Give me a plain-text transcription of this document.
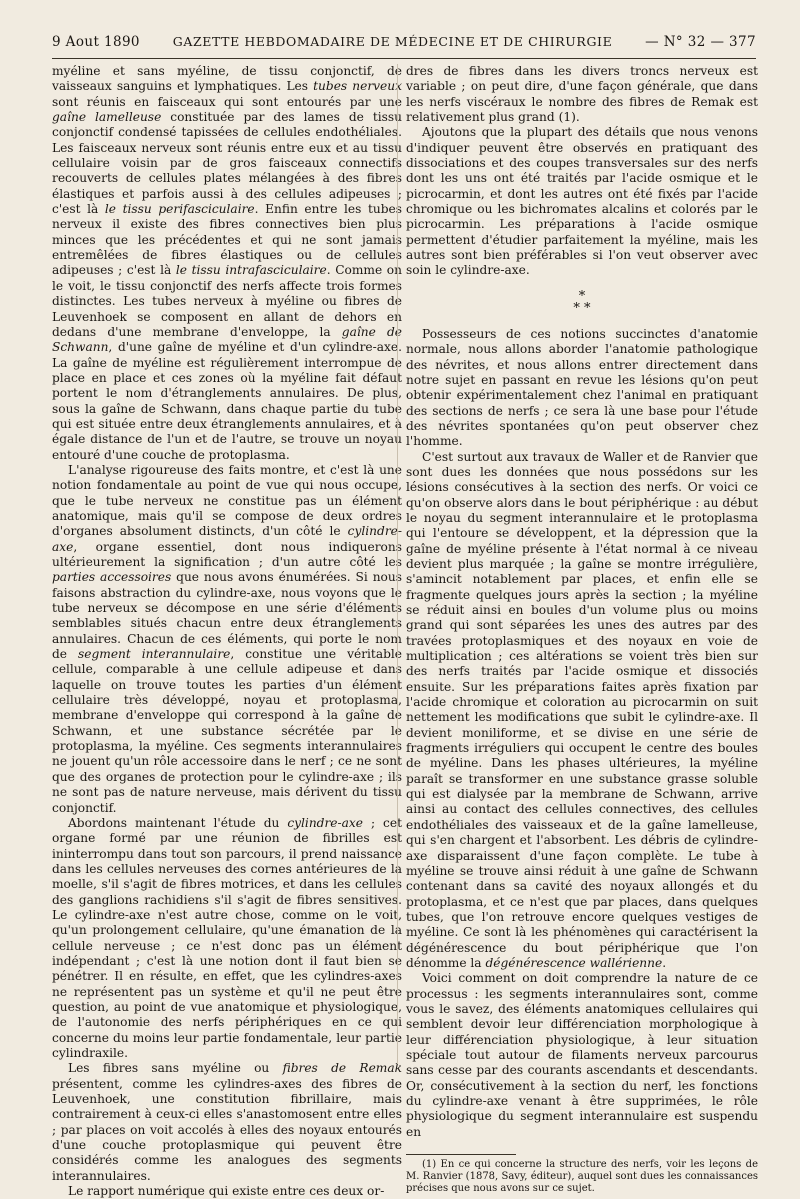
9 Aout 1890	GAZETTE HEBDOMADAIRE DE MÉDECINE ET DE CHIRURGIE — N° 32 — 377

myéline et sans myéline, de tissu conjonctif, de vaisseaux sanguins et lymphatiques. Les tubes nerveux sont réunis en faisceaux qui sont entourés par une gaîne lamelleuse constituée par des lames de tissu conjonctif condensé tapissées de cellules endothéliales. Les faisceaux nerveux sont réunis entre eux et au tissu cellulaire voisin par de gros faisceaux connectifs recouverts de cellules plates mélangées à des fibres élastiques et parfois aussi à des cellules adipeuses ; c'est là le tissu perifasciculaire. Enfin entre les tubes nerveux il existe des fibres connectives bien plus minces que les précédentes et qui ne sont jamais entremêlées de fibres élastiques ou de cellules adipeuses ; c'est là le tissu intrafasciculaire. Comme on le voit, le tissu conjonctif des nerfs affecte trois formes distinctes. Les tubes nerveux à myéline ou fibres de Leuvenhoek se composent en allant de dehors en dedans d'une membrane d'enveloppe, la gaîne de Schwann, d'une gaîne de myéline et d'un cylindre-axe. La gaîne de myéline est régulièrement interrompue de place en place et ces zones où la myéline fait défaut portent le nom d'étranglements annulaires. De plus, sous la gaîne de Schwann, dans chaque partie du tube qui est située entre deux étranglements annulaires, et à égale distance de l'un et de l'autre, se trouve un noyau entouré d'une couche de protoplasma.

L'analyse rigoureuse des faits montre, et c'est là une notion fondamentale au point de vue qui nous occupe, que le tube nerveux ne constitue pas un élément anatomique, mais qu'il se compose de deux ordres d'organes absolument distincts, d'un côté le cylindre-axe, organe essentiel, dont nous indiquerons ultérieurement la signification ; d'un autre côté les parties accessoires que nous avons énumérées. Si nous faisons abstraction du cylindre-axe, nous voyons que le tube nerveux se décompose en une série d'éléments semblables situés chacun entre deux étranglements annulaires. Chacun de ces éléments, qui porte le nom de segment interannulaire, constitue une véritable cellule, comparable à une cellule adipeuse et dans laquelle on trouve toutes les parties d'un élément cellulaire très développé, noyau et protoplasma, membrane d'enveloppe qui correspond à la gaîne de Schwann, et une substance sécrétée par le protoplasma, la myéline. Ces segments interannulaires ne jouent qu'un rôle accessoire dans le nerf ; ce ne sont que des organes de protection pour le cylindre-axe ; ils ne sont pas de nature nerveuse, mais dérivent du tissu conjonctif.

Abordons maintenant l'étude du cylindre-axe ; cet organe formé par une réunion de fibrilles est ininterrompu dans tout son parcours, il prend naissance dans les cellules nerveuses des cornes antérieures de la moelle, s'il s'agit de fibres motrices, et dans les cellules des ganglions rachidiens s'il s'agit de fibres sensitives. Le cylindre-axe n'est autre chose, comme on le voit, qu'un prolongement cellulaire, qu'une émanation de la cellule nerveuse ; ce n'est donc pas un élément indépendant ; c'est là une notion dont il faut bien se pénétrer. Il en résulte, en effet, que les cylindres-axes ne représentent pas un système et qu'il ne peut être question, au point de vue anatomique et physiologique, de l'autonomie des nerfs périphériques en ce qui concerne du moins leur partie fondamentale, leur partie cylindraxile.

Les fibres sans myéline ou fibres de Remak présentent, comme les cylindres-axes des fibres de Leuvenhoek, une constitution fibrillaire, mais contrairement à ceux-ci elles s'anastomosent entre elles ; par places on voit accolés à elles des noyaux entourés d'une couche protoplasmique qui peuvent être considérés comme les analogues des segments interannulaires.

Le rapport numérique qui existe entre ces deux or-

dres de fibres dans les divers troncs nerveux est variable ; on peut dire, d'une façon générale, que dans les nerfs viscéraux le nombre des fibres de Remak est relativement plus grand (1).

Ajoutons que la plupart des détails que nous venons d'indiquer peuvent être observés en pratiquant des dissociations et des coupes transversales sur des nerfs dont les uns ont été traités par l'acide osmique et le picrocarmin, et dont les autres ont été fixés par l'acide chromique ou les bichromates alcalins et colorés par le picrocarmin. Les préparations à l'acide osmique permettent d'étudier parfaitement la myéline, mais les autres sont bien préférables si l'on veut observer avec soin le cylindre-axe.

*
* *

Possesseurs de ces notions succinctes d'anatomie normale, nous allons aborder l'anatomie pathologique des névrites, et nous allons entrer directement dans notre sujet en passant en revue les lésions qu'on peut obtenir expérimentalement chez l'animal en pratiquant des sections de nerfs ; ce sera là une base pour l'étude des névrites spontanées qu'on peut observer chez l'homme.

C'est surtout aux travaux de Waller et de Ranvier que sont dues les données que nous possédons sur les lésions consécutives à la section des nerfs. Or voici ce qu'on observe alors dans le bout périphérique : au début le noyau du segment interannulaire et le protoplasma qui l'entoure se développent, et la dépression que la gaîne de myéline présente à l'état normal à ce niveau devient plus marquée ; la gaîne se montre irrégulière, s'amincit notablement par places, et enfin elle se fragmente quelques jours après la section ; la myéline se réduit ainsi en boules d'un volume plus ou moins grand qui sont séparées les unes des autres par des travées protoplasmiques et des noyaux en voie de multiplication ; ces altérations se voient très bien sur des nerfs traités par l'acide osmique et dissociés ensuite. Sur les préparations faites après fixation par l'acide chromique et coloration au picrocarmin on suit nettement les modifications que subit le cylindre-axe. Il devient moniliforme, et se divise en une série de fragments irréguliers qui occupent le centre des boules de myéline. Dans les phases ultérieures, la myéline paraît se transformer en une substance grasse soluble qui est dialysée par la membrane de Schwann, arrive ainsi au contact des cellules connectives, des cellules endothéliales des vaisseaux et de la gaîne lamelleuse, qui s'en chargent et l'absorbent. Les débris de cylindre-axe disparaissent d'une façon complète. Le tube à myéline se trouve ainsi réduit à une gaîne de Schwann contenant dans sa cavité des noyaux allongés et du protoplasma, et ce n'est que par places, dans quelques tubes, que l'on retrouve encore quelques vestiges de myéline. Ce sont là les phénomènes qui caractérisent la dégénérescence du bout périphérique que l'on dénomme la dégénérescence wallérienne.

Voici comment on doit comprendre la nature de ce processus : les segments interannulaires sont, comme vous le savez, des éléments anatomiques cellulaires qui semblent devoir leur différenciation morphologique à leur différenciation physiologique, à leur situation spéciale tout autour de filaments nerveux parcourus sans cesse par des courants ascendants et descendants. Or, consécutivement à la section du nerf, les fonctions du cylindre-axe venant à être supprimées, le rôle physiologique du segment interannulaire est suspendu en

(1) En ce qui concerne la structure des nerfs, voir les leçons de M. Ranvier (1878, Savy, éditeur), auquel sont dues les connaissances précises que nous avons sur ce sujet.
